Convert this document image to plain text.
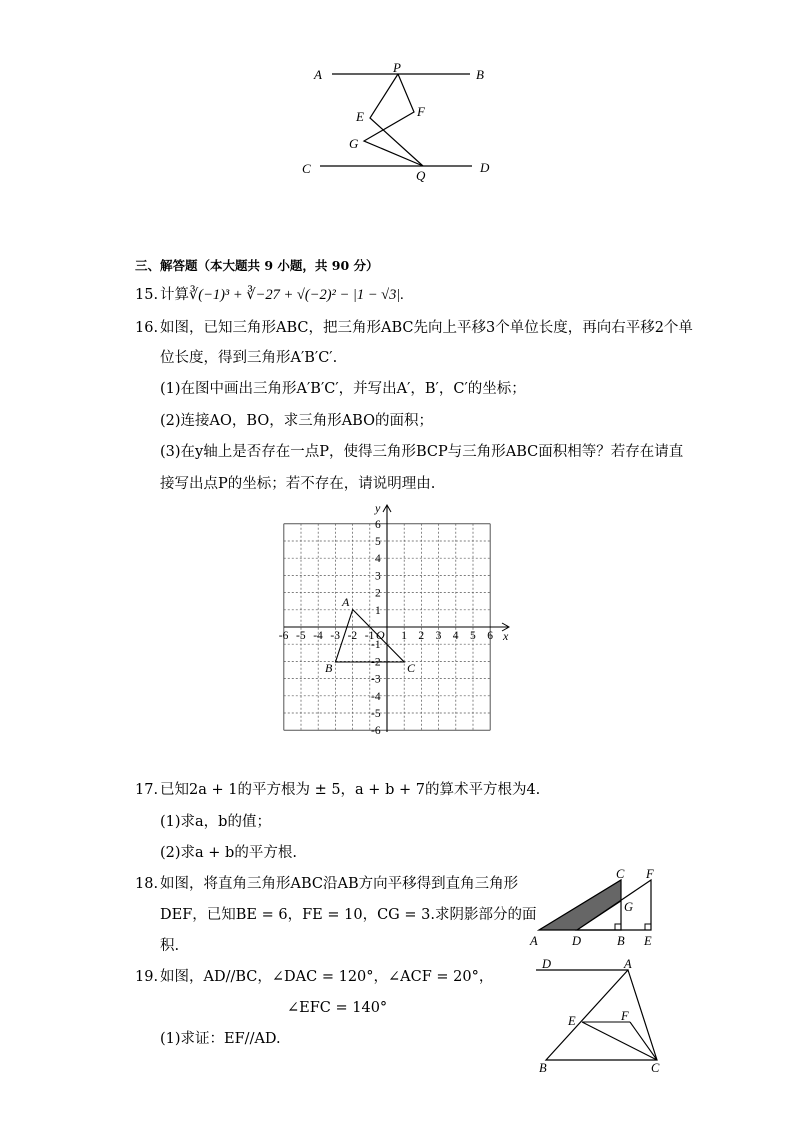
A	B
P
E	F
G
C	D
Q
三、解答题（本大题共 9 小题，共 90 分）
15. 计算∛(−1)³ + ∛−27 + √(−2)² − |1 − √3|.
16. 如图，已知三角形ABC，把三角形ABC先向上平移3个单位长度，再向右平移2个单
位长度，得到三角形A′B′C′.
(1)在图中画出三角形A′B′C′，并写出A′，B′，C′的坐标；
(2)连接AO，BO，求三角形ABO的面积；
(3)在y轴上是否存在一点P，使得三角形BCP与三角形ABC面积相等？若存在请直
接写出点P的坐标；若不存在，请说明理由.
x
y
O
-6 -5 -4 -3 -2 -1 1 2 3 4 5 6
6
5
4
3
2
1
-1
-2
-3
-4
-5
-6
A
B	C
17. 已知2a + 1的平方根为 ± 5，a + b + 7的算术平方根为4.
(1)求a，b的值；
(2)求a + b的平方根.
18. 如图，将直角三角形ABC沿AB方向平移得到直角三角形
DEF，已知BE = 6，FE = 10，CG = 3.求阴影部分的面
积.	A	D	B E
C F
G
19. 如图，AD//BC，∠DAC = 120°，∠ACF = 20°，
∠EFC = 140°
(1)求证：EF//AD.
D	A
E	F
B	C
